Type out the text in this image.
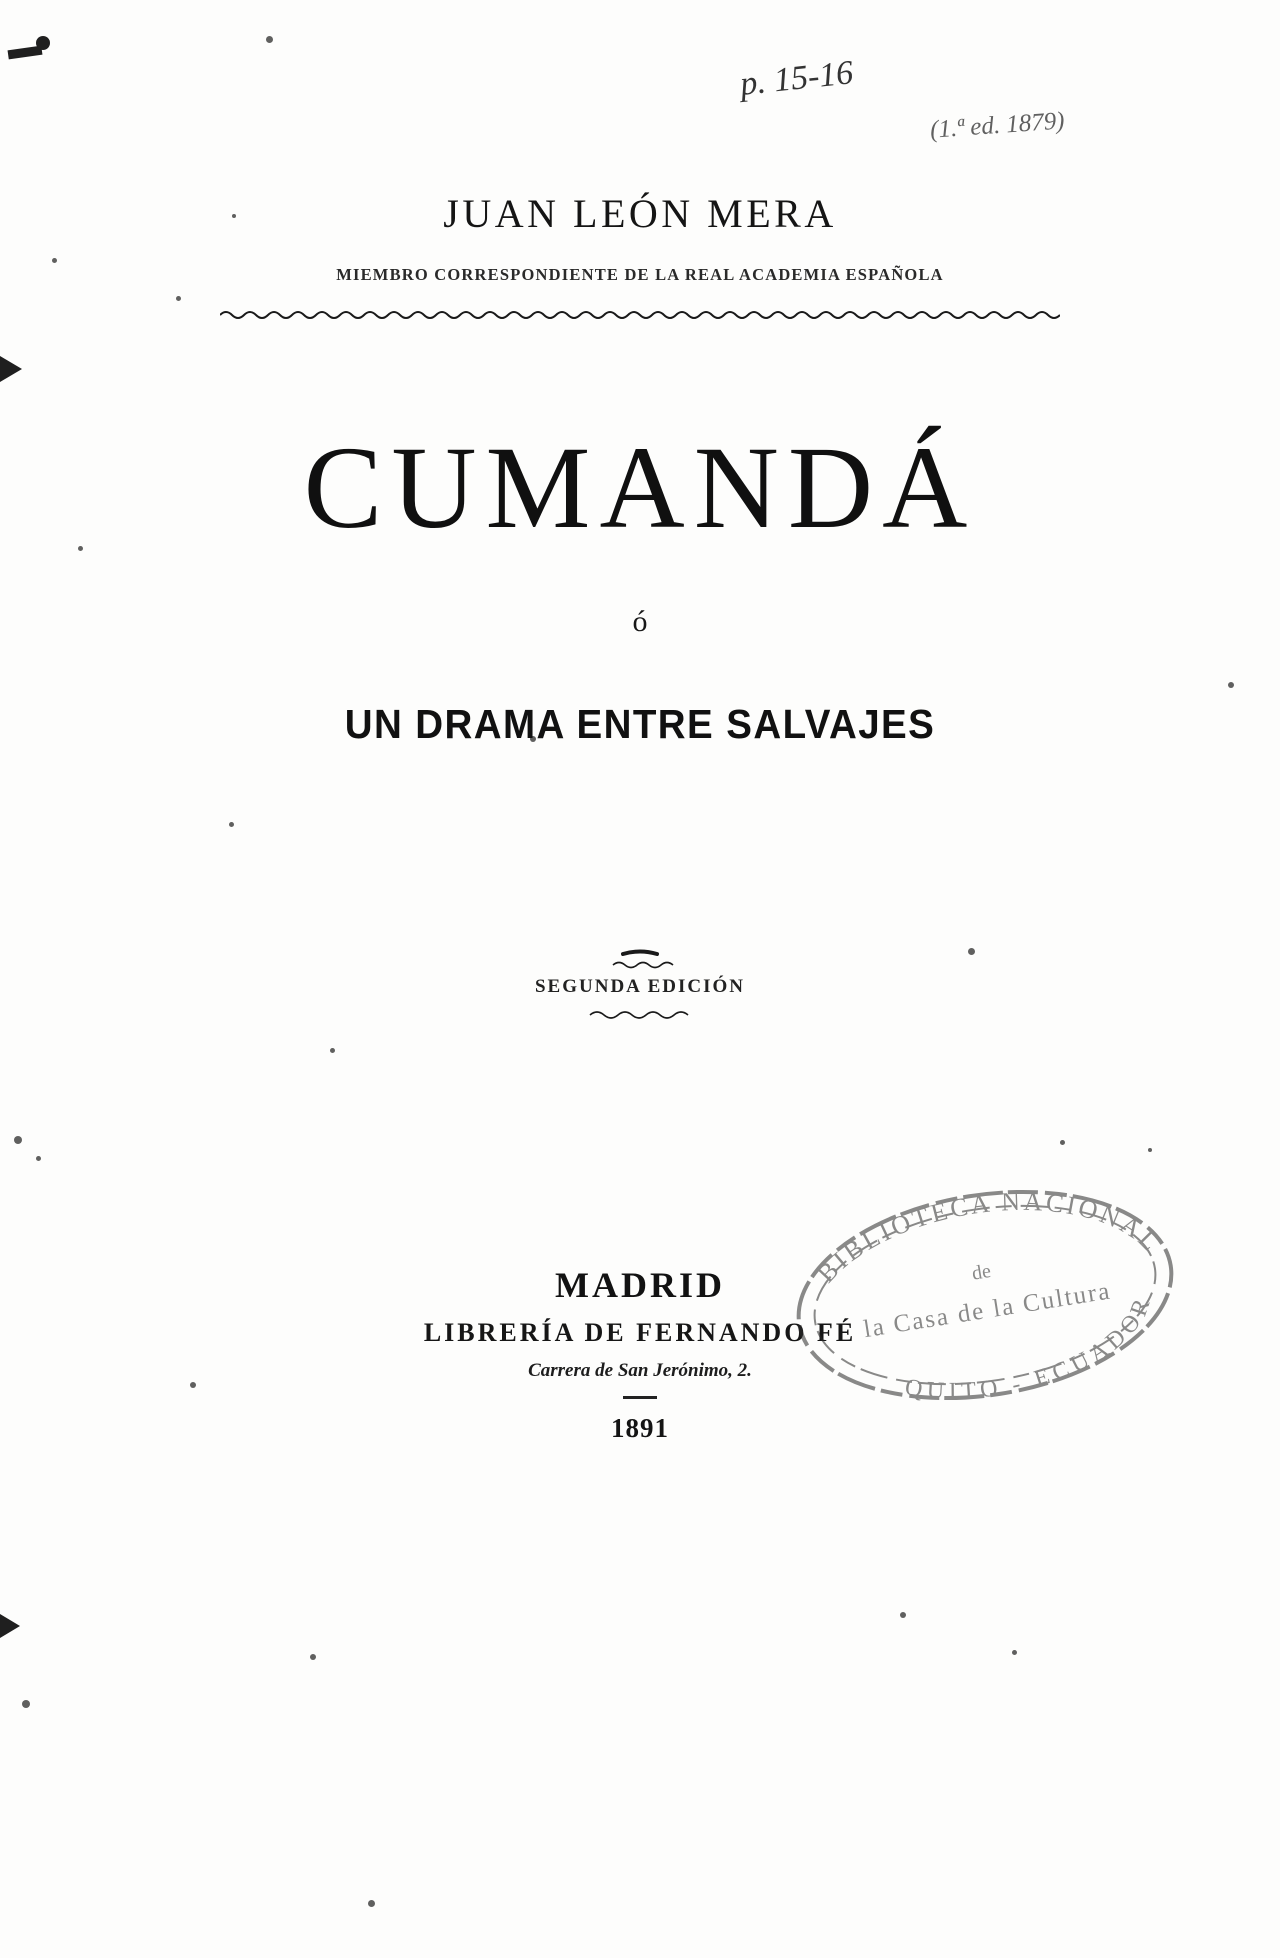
JUAN LEÓN MERA
MIEMBRO CORRESPONDIENTE DE LA REAL ACADEMIA ESPAÑOLA
CUMANDÁ
ó
UN DRAMA ENTRE SALVAJES
SEGUNDA EDICIÓN
MADRID
LIBRERÍA DE FERNANDO FÉ
Carrera de San Jerónimo, 2.
1891
p. 15-16
(1.ª ed. 1879)
BIBLIOTECA NACIONAL
QUITO - ECUADOR
de
la Casa de la Cultura
